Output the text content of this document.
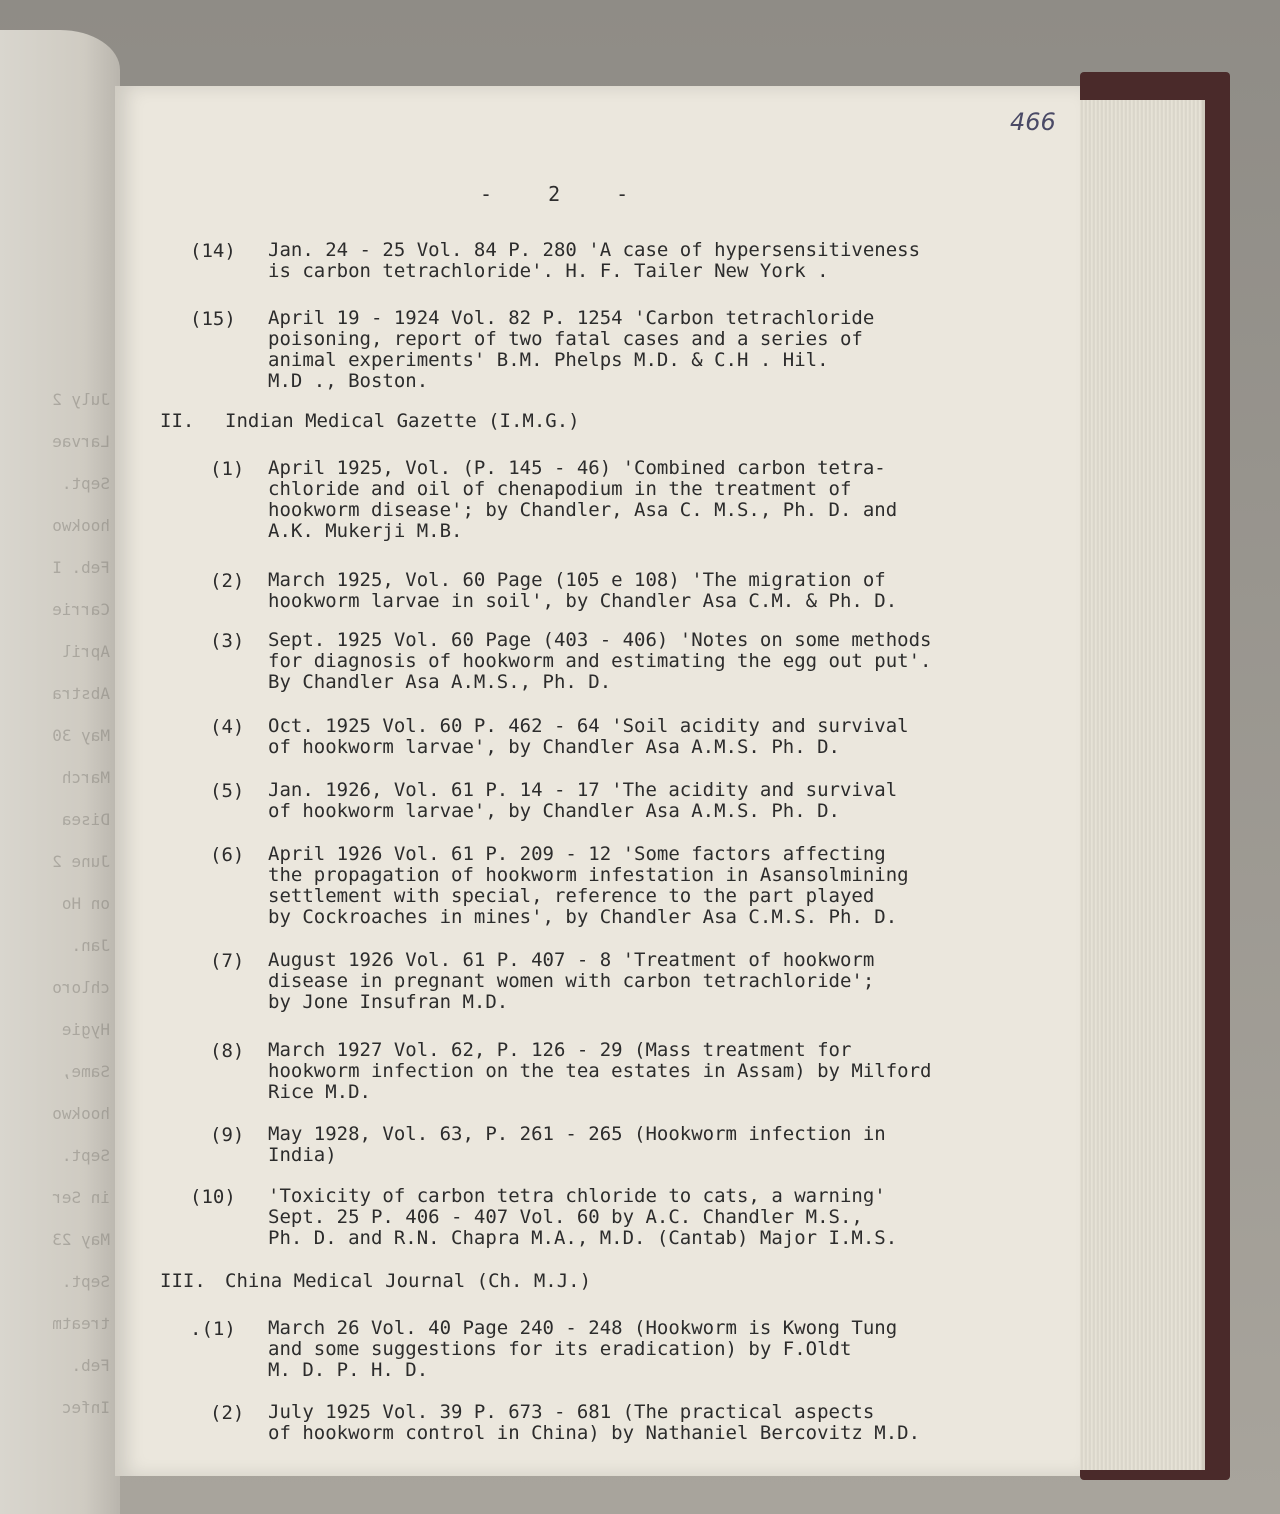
July 2
Larvae
Sept.
hookwo
Feb. I
Carrie
April
Abstra
May 30
March
Disea
June 2
on Ho
Jan.
chloro
Hygie
Same,
hookwo
Sept.
in Ser
May 23
Sept.
treatm
Feb.
Infec
466
- 2 -
(14) Jan. 24 - 25 Vol. 84 P. 280 'A case of hypersensitiveness
is carbon tetrachloride'. H. F. Tailer New York .
(15) April 19 - 1924 Vol. 82 P. 1254 'Carbon tetrachloride
poisoning, report of two fatal cases and a series of
animal experiments' B.M. Phelps M.D. & C.H . Hil.
M.D ., Boston.
II. Indian Medical Gazette (I.M.G.)
(1) April 1925, Vol. (P. 145 - 46) 'Combined carbon tetra-
chloride and oil of chenapodium in the treatment of
hookworm disease'; by Chandler, Asa C. M.S., Ph. D. and
A.K. Mukerji M.B.
(2) March 1925, Vol. 60 Page (105 e 108) 'The migration of
hookworm larvae in soil', by Chandler Asa C.M. & Ph. D.
(3) Sept. 1925 Vol. 60 Page (403 - 406) 'Notes on some methods
for diagnosis of hookworm and estimating the egg out put'.
By Chandler Asa A.M.S., Ph. D.
(4) Oct. 1925 Vol. 60 P. 462 - 64 'Soil acidity and survival
of hookworm larvae', by Chandler Asa A.M.S. Ph. D.
(5) Jan. 1926, Vol. 61 P. 14 - 17 'The acidity and survival
of hookworm larvae', by Chandler Asa A.M.S. Ph. D.
(6) April 1926 Vol. 61 P. 209 - 12 'Some factors affecting
the propagation of hookworm infestation in Asansolmining
settlement with special, reference to the part played
by Cockroaches in mines', by Chandler Asa C.M.S. Ph. D.
(7) August 1926 Vol. 61 P. 407 - 8 'Treatment of hookworm
disease in pregnant women with carbon tetrachloride';
by Jone Insufran M.D.
(8) March 1927 Vol. 62, P. 126 - 29 (Mass treatment for
hookworm infection on the tea estates in Assam) by Milford
Rice M.D.
(9) May 1928, Vol. 63, P. 261 - 265 (Hookworm infection in
India)
(10) 'Toxicity of carbon tetra chloride to cats, a warning'
Sept. 25 P. 406 - 407 Vol. 60 by A.C. Chandler M.S.,
Ph. D. and R.N. Chapra M.A., M.D. (Cantab) Major I.M.S.
III. China Medical Journal (Ch. M.J.)
.(1) March 26 Vol. 40 Page 240 - 248 (Hookworm is Kwong Tung
and some suggestions for its eradication) by F.Oldt
M. D. P. H. D.
(2) July 1925 Vol. 39 P. 673 - 681 (The practical aspects
of hookworm control in China) by Nathaniel Bercovitz M.D.
